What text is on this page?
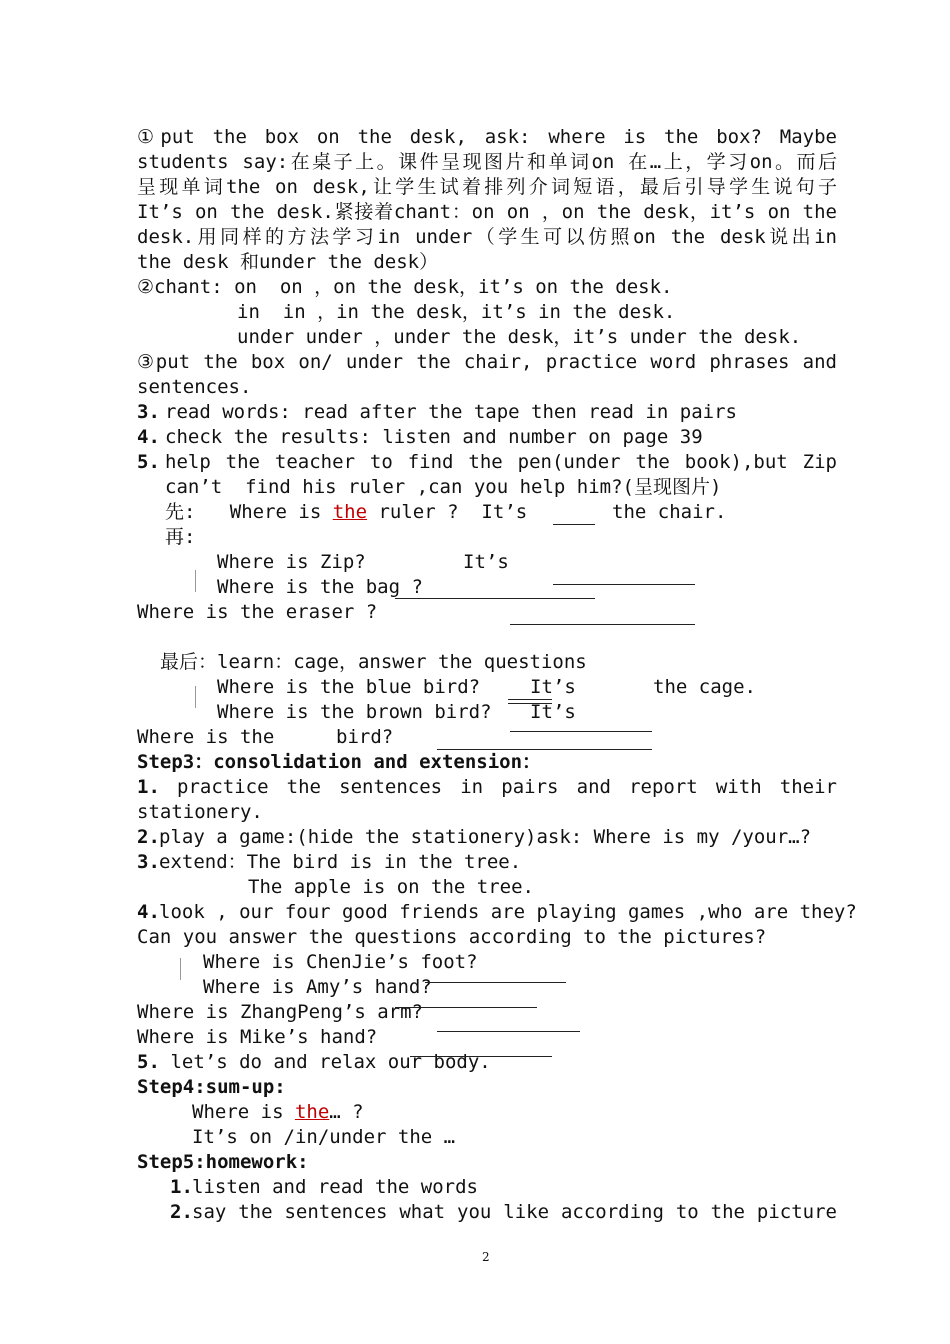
①put the box on the desk, ask: where is the box? Maybe
students say:在桌子上。课件呈现图片和单词on 在…上，学习on。而后
呈现单词the on desk,让学生试着排列介词短语，最后引导学生说句子
It’s on the desk.紧接着chant：on on ，on the desk，it’s on the
desk.用同样的方法学习in under（学生可以仿照on the desk说出in
the desk 和under the desk）
②chant: on  on ，on the desk，it’s on the desk.
in  in ，in the desk，it’s in the desk.
under under ，under the desk，it’s under the desk.
③put the box on/ under the chair, practice word phrases and
sentences.
3. read words: read after the tape then read in pairs
4. check the results: listen and number on page 39
5. help the teacher to find the pen(under the book),but Zip
can’t  find his ruler ,can you help him?(呈现图片)
先:   Where is the ruler ?  It’s	the chair.
再:
Where is Zip?	It’s
Where is the bag ?
Where is the eraser ?
最后：learn：cage，answer the questions
Where is the blue bird?	It’s	the cage.
Where is the brown bird? It’s
Where is the	bird?
Step3：consolidation and extension：
1. practice the sentences in pairs and report with their
stationery.
2. play a game:(hide the stationery)ask: Where is my /your…?
3. extend：The bird is in the tree.
The apple is on the tree.
4. look , our four good friends are playing games ,who are they?
Can you answer the questions according to the pictures?
Where is ChenJie’s foot?
Where is Amy’s hand?
Where is ZhangPeng’s arm?
Where is Mike’s hand?
5. let’s do and relax our body.
Step4:sum-up:
Where is the… ?
It’s on /in/under the …
Step5:homework:
1. listen and read the words
2. say the sentences what you like according to the picture
2
